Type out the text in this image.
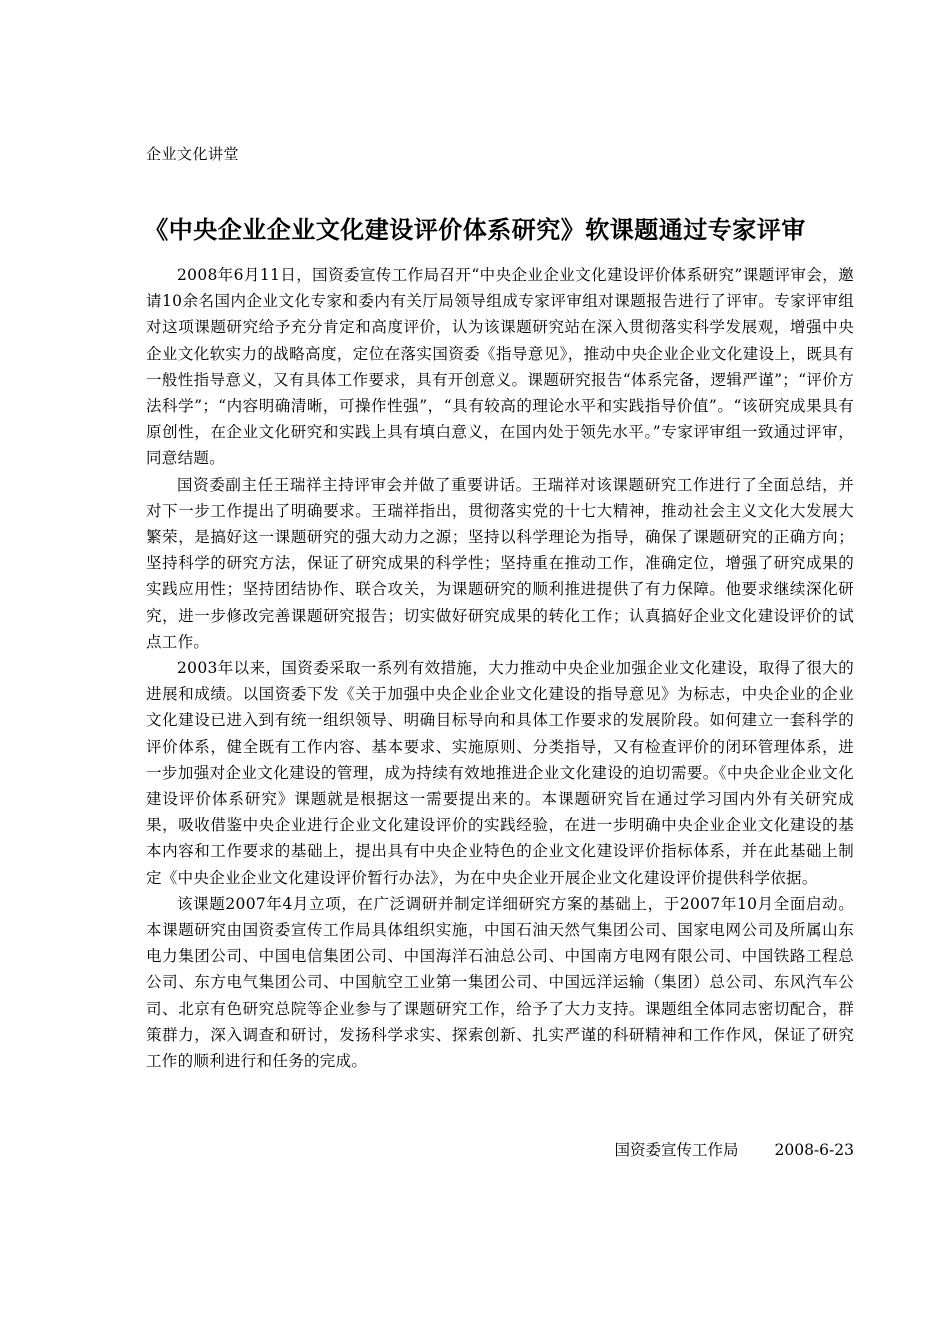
企业文化讲堂
《中央企业企业文化建设评价体系研究》软课题通过专家评审

2008年6月11日，国资委宣传工作局召开“中央企业企业文化建设评价体系研究”课题评审会，邀请10余名国内企业文化专家和委内有关厅局领导组成专家评审组对课题报告进行了评审。专家评审组对这项课题研究给予充分肯定和高度评价，认为该课题研究站在深入贯彻落实科学发展观，增强中央企业文化软实力的战略高度，定位在落实国资委《指导意见》，推动中央企业企业文化建设上，既具有一般性指导意义，又有具体工作要求，具有开创意义。课题研究报告“体系完备，逻辑严谨”；“评价方法科学”；“内容明确清晰，可操作性强”，“具有较高的理论水平和实践指导价值”。“该研究成果具有原创性，在企业文化研究和实践上具有填白意义，在国内处于领先水平。”专家评审组一致通过评审，同意结题。

国资委副主任王瑞祥主持评审会并做了重要讲话。王瑞祥对该课题研究工作进行了全面总结，并对下一步工作提出了明确要求。王瑞祥指出，贯彻落实党的十七大精神，推动社会主义文化大发展大繁荣，是搞好这一课题研究的强大动力之源；坚持以科学理论为指导，确保了课题研究的正确方向；坚持科学的研究方法，保证了研究成果的科学性；坚持重在推动工作，准确定位，增强了研究成果的实践应用性；坚持团结协作、联合攻关，为课题研究的顺利推进提供了有力保障。他要求继续深化研究，进一步修改完善课题研究报告；切实做好研究成果的转化工作；认真搞好企业文化建设评价的试点工作。

2003年以来，国资委采取一系列有效措施，大力推动中央企业加强企业文化建设，取得了很大的进展和成绩。以国资委下发《关于加强中央企业企业文化建设的指导意见》为标志，中央企业的企业文化建设已进入到有统一组织领导、明确目标导向和具体工作要求的发展阶段。如何建立一套科学的评价体系，健全既有工作内容、基本要求、实施原则、分类指导，又有检查评价的闭环管理体系，进一步加强对企业文化建设的管理，成为持续有效地推进企业文化建设的迫切需要。《中央企业企业文化建设评价体系研究》课题就是根据这一需要提出来的。本课题研究旨在通过学习国内外有关研究成果，吸收借鉴中央企业进行企业文化建设评价的实践经验，在进一步明确中央企业企业文化建设的基本内容和工作要求的基础上，提出具有中央企业特色的企业文化建设评价指标体系，并在此基础上制定《中央企业企业文化建设评价暂行办法》，为在中央企业开展企业文化建设评价提供科学依据。

该课题2007年4月立项，在广泛调研并制定详细研究方案的基础上，于2007年10月全面启动。本课题研究由国资委宣传工作局具体组织实施，中国石油天然气集团公司、国家电网公司及所属山东电力集团公司、中国电信集团公司、中国海洋石油总公司、中国南方电网有限公司、中国铁路工程总公司、东方电气集团公司、中国航空工业第一集团公司、中国远洋运输（集团）总公司、东风汽车公司、北京有色研究总院等企业参与了课题研究工作，给予了大力支持。课题组全体同志密切配合，群策群力，深入调查和研讨，发扬科学求实、探索创新、扎实严谨的科研精神和工作作风，保证了研究工作的顺利进行和任务的完成。

国资委宣传工作局 2008-6-23
